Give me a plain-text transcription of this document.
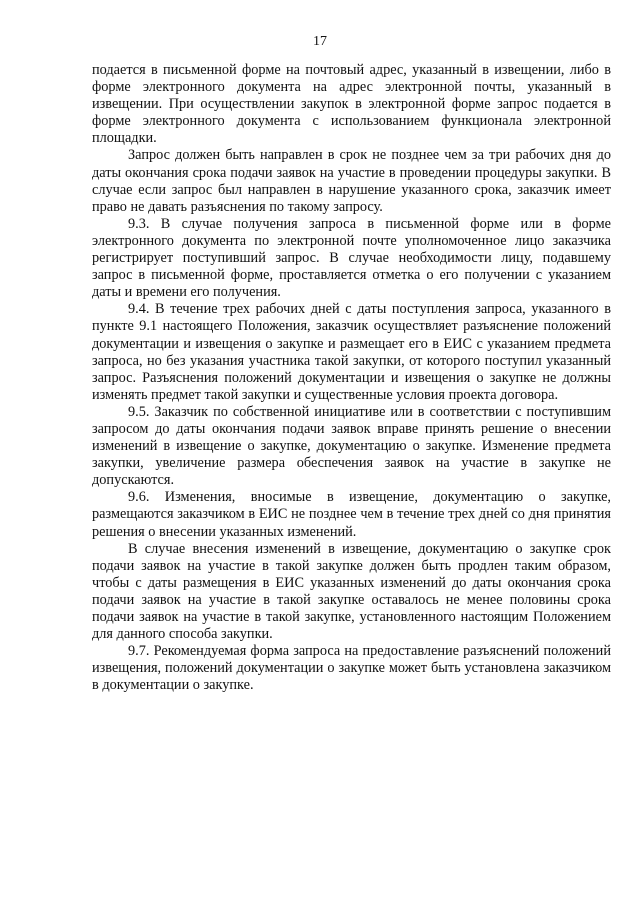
17

подается в письменной форме на почтовый адрес, указанный в извещении, либо в форме электронного документа на адрес электронной почты, указанный в извещении. При осуществлении закупок в электронной форме запрос подается в форме электронного документа с использованием функционала электронной площадки.

Запрос должен быть направлен в срок не позднее чем за три рабочих дня до даты окончания срока подачи заявок на участие в проведении процедуры закупки. В случае если запрос был направлен в нарушение указанного срока, заказчик имеет право не давать разъяснения по такому запросу.

9.3. В случае получения запроса в письменной форме или в форме электронного документа по электронной почте уполномоченное лицо заказчика регистрирует поступивший запрос. В случае необходимости лицу, подавшему запрос в письменной форме, проставляется отметка о его получении с указанием даты и времени его получения.

9.4. В течение трех рабочих дней с даты поступления запроса, указанного в пункте 9.1 настоящего Положения, заказчик осуществляет разъяснение положений документации и извещения о закупке и размещает его в ЕИС с указанием предмета запроса, но без указания участника такой закупки, от которого поступил указанный запрос. Разъяснения положений документации и извещения о закупке не должны изменять предмет такой закупки и существенные условия проекта договора.

9.5. Заказчик по собственной инициативе или в соответствии с поступившим запросом до даты окончания подачи заявок вправе принять решение о внесении изменений в извещение о закупке, документацию о закупке. Изменение предмета закупки, увеличение размера обеспечения заявок на участие в закупке не допускаются.

9.6. Изменения, вносимые в извещение, документацию о закупке, размещаются заказчиком в ЕИС не позднее чем в течение трех дней со дня принятия решения о внесении указанных изменений.

В случае внесения изменений в извещение, документацию о закупке срок подачи заявок на участие в такой закупке должен быть продлен таким образом, чтобы с даты размещения в ЕИС указанных изменений до даты окончания срока подачи заявок на участие в такой закупке оставалось не менее половины срока подачи заявок на участие в такой закупке, установленного настоящим Положением для данного способа закупки.

9.7. Рекомендуемая форма запроса на предоставление разъяснений положений извещения, положений документации о закупке может быть установлена заказчиком в документации о закупке.
